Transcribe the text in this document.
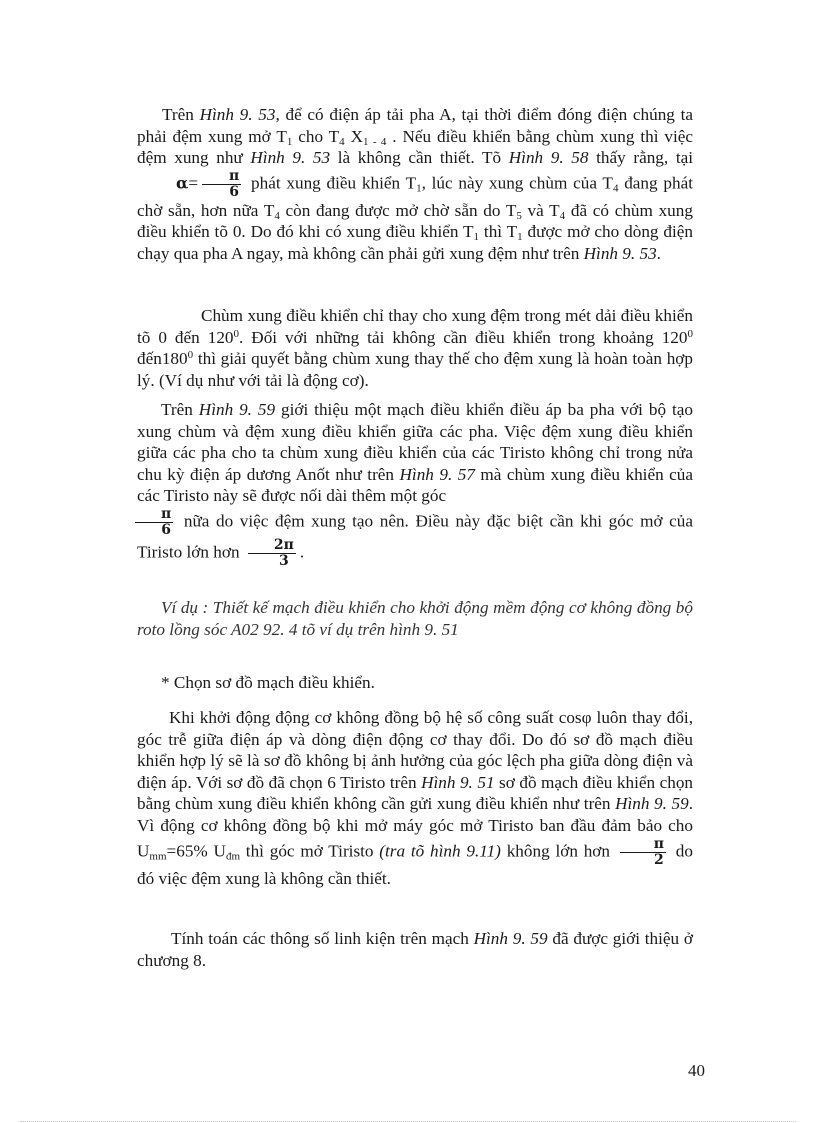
Trên Hình 9. 53, để có điện áp tải pha A, tại thời điểm đóng điện chúng ta phải đệm xung mở $T_1$ cho $T_4$ $X_{1 - 4}$ . Nếu điều khiển bằng chùm xung thì việc đệm xung như Hình 9. 53 là không cần thiết. Tõ Hình 9. 58 thấy rằng, tại $\alpha= \frac{\pi}{6}$ phát xung điều khiển $T_1$, lúc này xung chùm của $T_4$ đang phát chờ sẵn, hơn nữa $T_4$ còn đang được mở chờ sẵn do $T_5$ và $T_4$ đã có chùm xung điều khiển tõ 0. Do đó khi có xung điều khiển $T_1$ thì $T_1$ được mở cho dòng điện chạy qua pha A ngay, mà không cần phải gửi xung đệm như trên Hình 9. 53.
Chùm xung điều khiển chỉ thay cho xung đệm trong mét dải điều khiển tõ 0 đến $120^0$. Đối với những tải không cần điều khiển trong khoảng $120^0$ $đến180^0$ thì giải quyết bằng chùm xung thay thế cho đệm xung là hoàn toàn hợp lý. (Ví dụ như với tải là động cơ).
Trên Hình 9. 59 giới thiệu một mạch điều khiển điều áp ba pha với bộ tạo xung chùm và đệm xung điều khiển giữa các pha. Việc đệm xung điều khiển giữa các pha cho ta chùm xung điều khiển của các Tiristo không chỉ trong nửa chu kỳ điện áp dương Anốt như trên Hình 9. 57 mà chùm xung điều khiển của các Tiristo này sẽ được nối dài thêm một góc

$\frac{\pi}{6}$ nữa do việc đệm xung tạo nên. Điều này đặc biệt cần khi góc mở của Tiristo lớn hơn $\frac{2\pi}{3}$ .
Ví dụ : Thiết kế mạch điều khiển cho khởi động mềm động cơ không đồng bộ roto lồng sóc A02 92. 4 tõ ví dụ trên hình 9. 51
* Chọn sơ đồ mạch điều khiển.
Khi khởi động động cơ không đồng bộ hệ số công suất cosφ luôn thay đổi, góc trễ giữa điện áp và dòng điện động cơ thay đổi. Do đó sơ đồ mạch điều khiển hợp lý sẽ là sơ đồ không bị ảnh hưởng của góc lệch pha giữa dòng điện và điện áp. Với sơ đồ đã chọn 6 Tiristo trên Hình 9. 51 sơ đồ mạch điều khiển chọn bằng chùm xung điều khiển không cần gửi xung điều khiển như trên Hình 9. 59. Vì động cơ không đồng bộ khi mở máy góc mở Tiristo ban đầu đảm bảo cho $U_{mm}=65\%$ $U_{đm}$ thì góc mở Tiristo (tra tõ hình 9.11) không lớn hơn $\frac{\pi}{2}$ do đó việc đệm xung là không cần thiết.
Tính toán các thông số linh kiện trên mạch Hình 9. 59 đã được giới thiệu ở chương 8.
40
